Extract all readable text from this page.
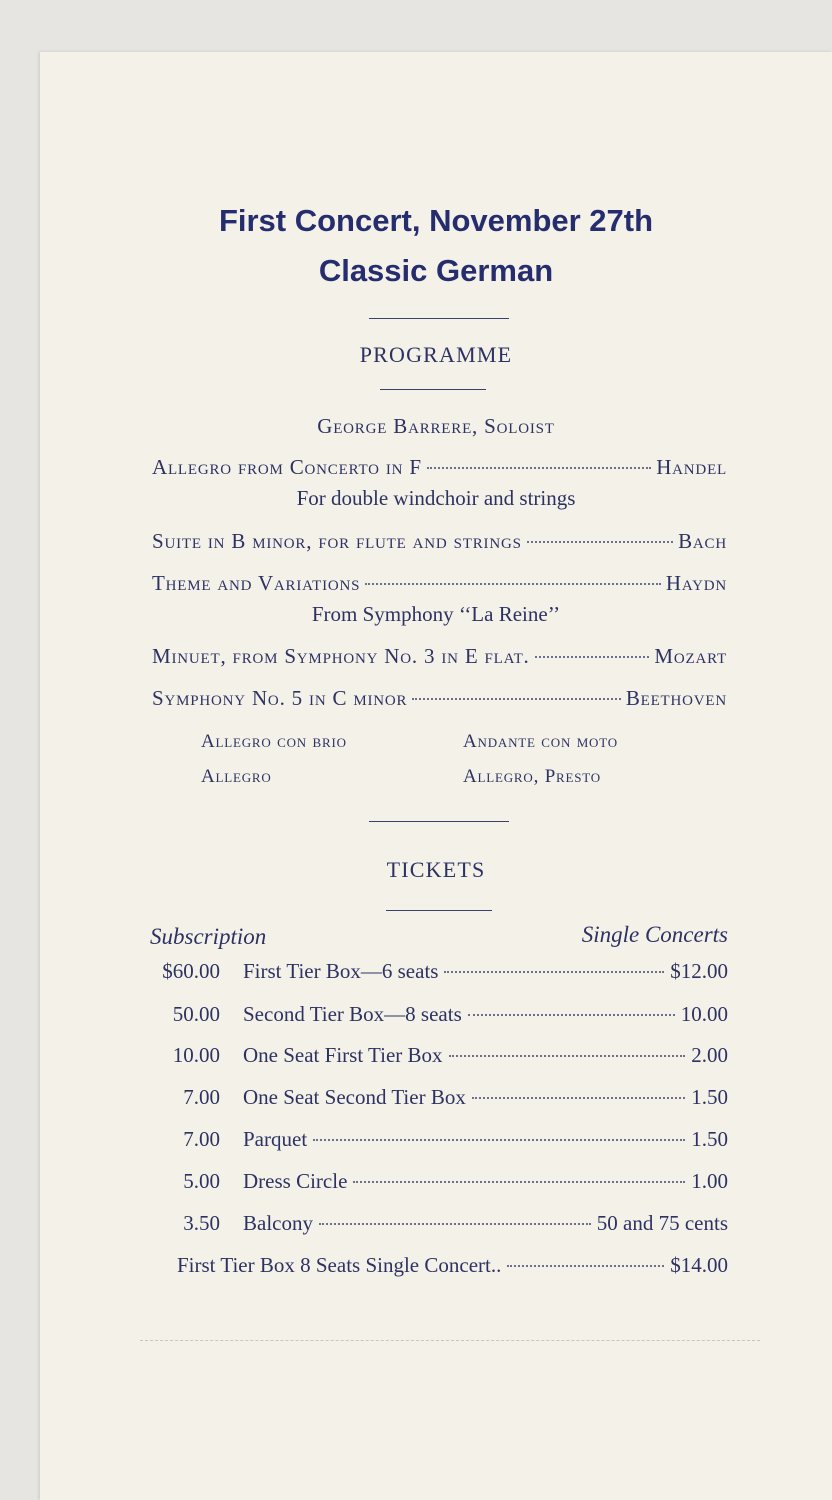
First Concert, November 27th
Classic German
PROGRAMME
George Barrere, Soloist
Allegro from Concerto in F	Handel
For double windchoir and strings
Suite in B minor, for flute and strings	Bach
Theme and Variations	Haydn
From Symphony ‘‘La Reine’’
Minuet, from Symphony No. 3 in E flat.	Mozart
Symphony No. 5 in C minor	Beethoven
Allegro con brio	Andante con moto
Allegro	Allegro, Presto
TICKETS
Subscription	Single Concerts
$60.00 First Tier Box—6 seats	$12.00
50.00 Second Tier Box—8 seats	10.00
10.00 One Seat First Tier Box	2.00
7.00 One Seat Second Tier Box	1.50
7.00 Parquet	1.50
5.00 Dress Circle	1.00
3.50 Balcony	50 and 75 cents
First Tier Box 8 Seats Single Concert..	$14.00
